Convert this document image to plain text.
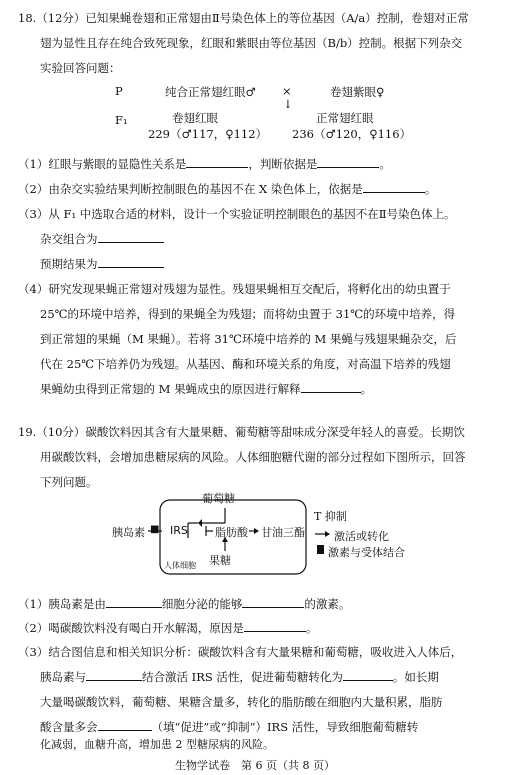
18.（12分）已知果蝇卷翅和正常翅由Ⅱ号染色体上的等位基因（A/a）控制，卷翅对正常
翅为显性且存在纯合致死现象，红眼和紫眼由等位基因（B/b）控制。根据下列杂交
实验回答问题：
P	纯合正常翅红眼♂ ×	卷翅紫眼♀
↓
F₁	卷翅红眼
229（♂117，♀112）
正常翅红眼
236（♂120，♀116）
（1）红眼与紫眼的显隐性关系是	，判断依据是	。
（2）由杂交实验结果判断控制眼色的基因不在 X 染色体上，依据是	。
（3）从 F₁ 中选取合适的材料，设计一个实验证明控制眼色的基因不在Ⅱ号染色体上。
杂交组合为
预期结果为
（4）研究发现果蝇正常翅对残翅为显性。残翅果蝇相互交配后，将孵化出的幼虫置于
25℃的环境中培养，得到的果蝇全为残翅；而将幼虫置于 31℃的环境中培养，得
到正常翅的果蝇（M 果蝇）。若将 31℃环境中培养的 M 果蝇与残翅果蝇杂交，后
代在 25℃下培养仍为残翅。从基因、酶和环境关系的角度，对高温下培养的残翅
果蝇幼虫得到正常翅的 M 果蝇成虫的原因进行解释	。
19.（10分）碳酸饮料因其含有大量果糖、葡萄糖等甜味成分深受年轻人的喜爱。长期饮
用碳酸饮料，会增加患糖尿病的风险。人体细胞糖代谢的部分过程如下图所示，回答
下列问题。
葡萄糖
胰岛素 ■ IRS 脂肪酸 甘油三酯
果糖
人体细胞
T 抑制
激活或转化
激素与受体结合
（1）胰岛素是由	细胞分泌的能够	的激素。
（2）喝碳酸饮料没有喝白开水解渴，原因是	。
（3）结合图信息和相关知识分析：碳酸饮料含有大量果糖和葡萄糖，吸收进入人体后，
胰岛素与	结合激活 IRS 活性，促进葡萄糖转化为	。如长期
大量喝碳酸饮料，葡萄糖、果糖含量多，转化的脂肪酸在细胞内大量积累，脂肪
酸含量多会	（填“促进”或“抑制”）IRS 活性，导致细胞葡萄糖转
化减弱，血糖升高，增加患 2 型糖尿病的风险。
生物学试卷　第 6 页（共 8 页）
